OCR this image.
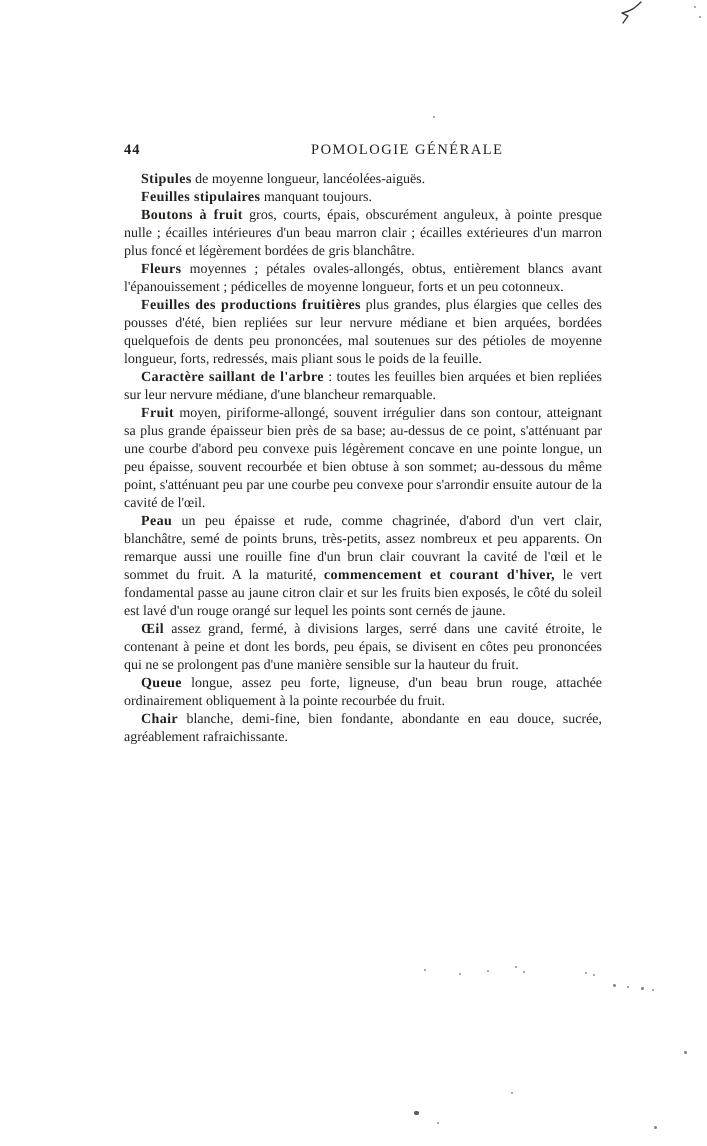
44	POMOLOGIE GÉNÉRALE

Stipules de moyenne longueur, lancéolées-aiguës.

Feuilles stipulaires manquant toujours.

Boutons à fruit gros, courts, épais, obscurément anguleux, à pointe presque nulle ; écailles intérieures d'un beau marron clair ; écailles extérieures d'un marron plus foncé et légèrement bordées de gris blanchâtre.

Fleurs moyennes ; pétales ovales-allongés, obtus, entièrement blancs avant l'épanouissement ; pédicelles de moyenne longueur, forts et un peu cotonneux.

Feuilles des productions fruitières plus grandes, plus élargies que celles des pousses d'été, bien repliées sur leur nervure médiane et bien arquées, bordées quelquefois de dents peu prononcées, mal soutenues sur des pétioles de moyenne longueur, forts, redressés, mais pliant sous le poids de la feuille.

Caractère saillant de l'arbre : toutes les feuilles bien arquées et bien repliées sur leur nervure médiane, d'une blancheur remarquable.

Fruit moyen, piriforme-allongé, souvent irrégulier dans son contour, atteignant sa plus grande épaisseur bien près de sa base; au-dessus de ce point, s'atténuant par une courbe d'abord peu convexe puis légèrement concave en une pointe longue, un peu épaisse, souvent recourbée et bien obtuse à son sommet; au-dessous du même point, s'atténuant peu par une courbe peu convexe pour s'arrondir ensuite autour de la cavité de l'œil.

Peau un peu épaisse et rude, comme chagrinée, d'abord d'un vert clair, blanchâtre, semé de points bruns, très-petits, assez nombreux et peu apparents. On remarque aussi une rouille fine d'un brun clair couvrant la cavité de l'œil et le sommet du fruit. A la maturité, commencement et courant d'hiver, le vert fondamental passe au jaune citron clair et sur les fruits bien exposés, le côté du soleil est lavé d'un rouge orangé sur lequel les points sont cernés de jaune.

Œil assez grand, fermé, à divisions larges, serré dans une cavité étroite, le contenant à peine et dont les bords, peu épais, se divisent en côtes peu prononcées qui ne se prolongent pas d'une manière sensible sur la hauteur du fruit.

Queue longue, assez peu forte, ligneuse, d'un beau brun rouge, attachée ordinairement obliquement à la pointe recourbée du fruit.

Chair blanche, demi-fine, bien fondante, abondante en eau douce, sucrée, agréablement rafraichissante.
